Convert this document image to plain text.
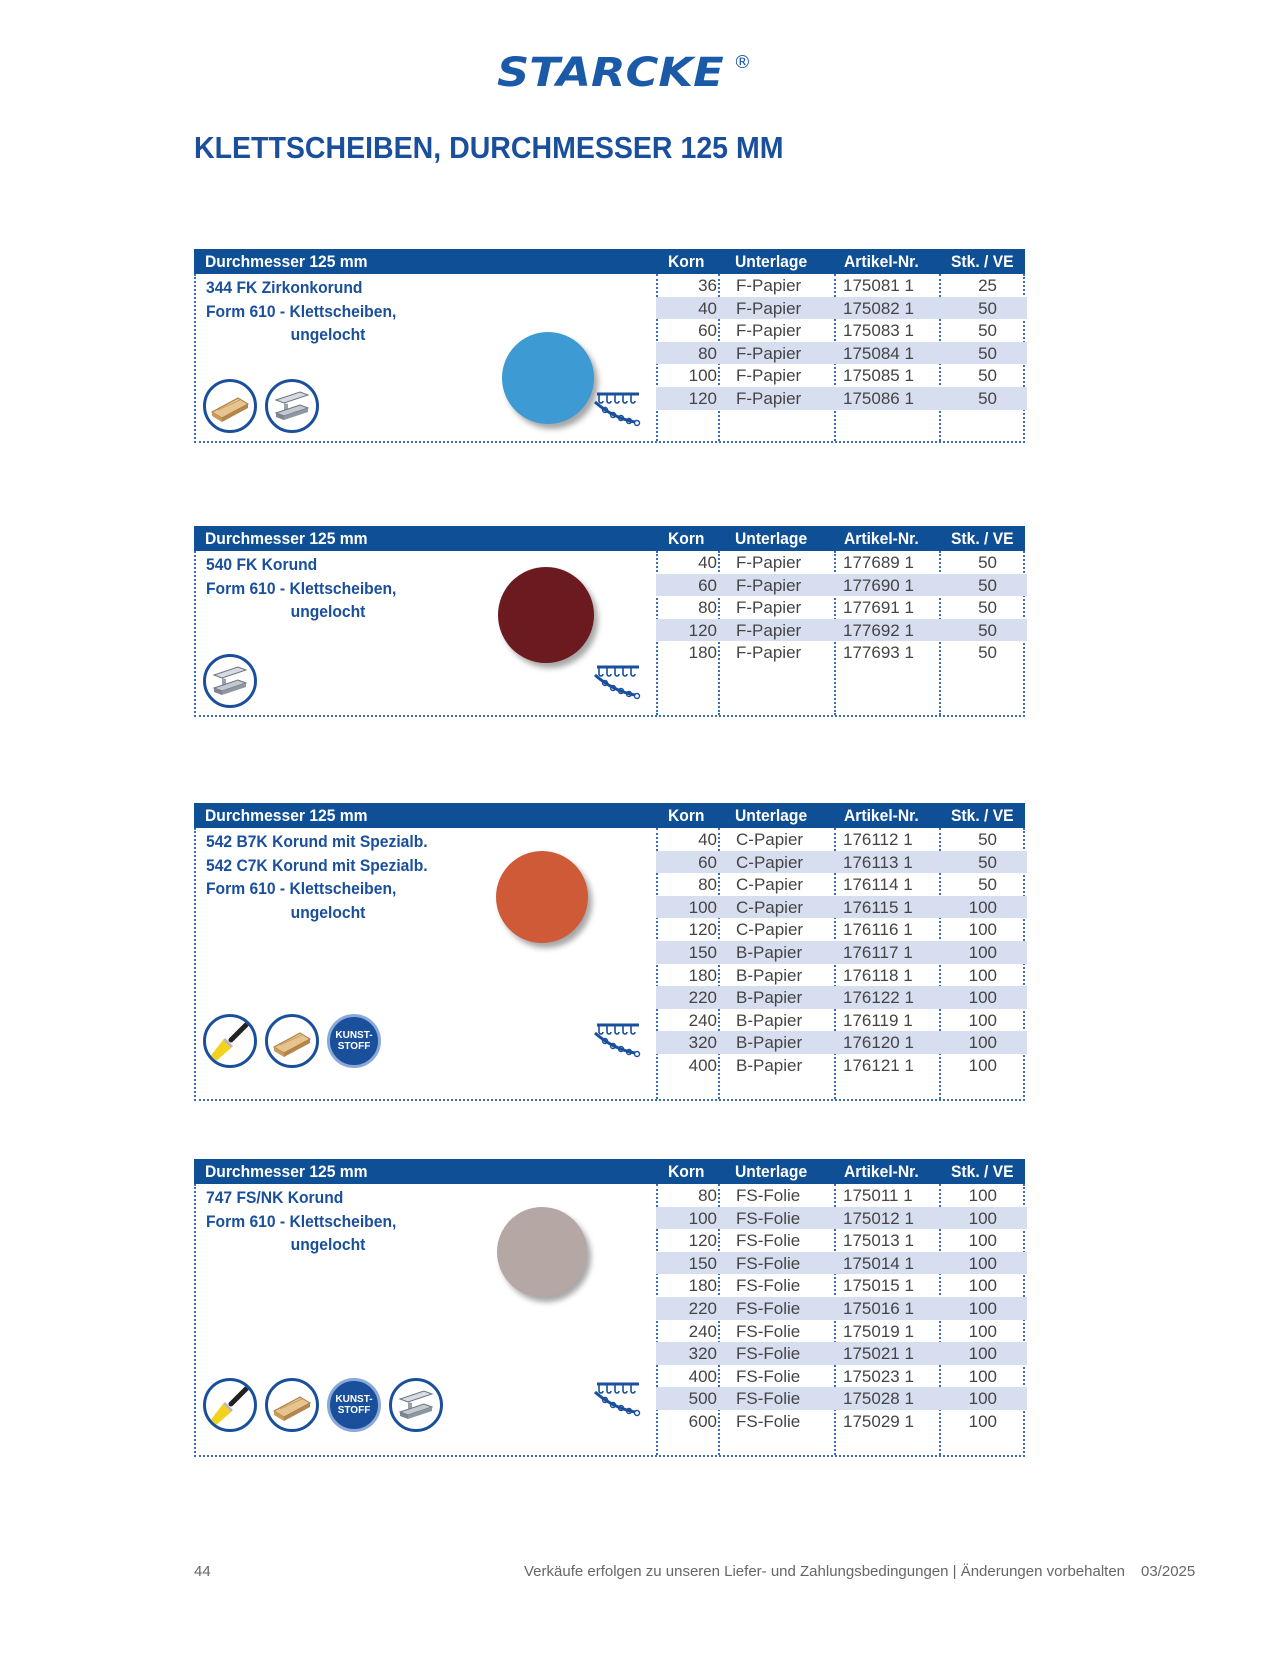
STARCKE ®
KLETTSCHEIBEN, DURCHMESSER 125 MM
Durchmesser 125 mm	Korn Unterlage Artikel-Nr. Stk. / VE
344 FK Zirkonkorund
Form 610 - Klettscheiben,
ungelocht
36 F-Papier 175081 1	25
40 F-Papier 175082 1	50
60 F-Papier 175083 1	50
80 F-Papier 175084 1	50
100 F-Papier 175085 1	50
120 F-Papier 175086 1	50
Durchmesser 125 mm	Korn Unterlage Artikel-Nr. Stk. / VE
540 FK Korund
Form 610 - Klettscheiben,
ungelocht
40 F-Papier 177689 1	50
60 F-Papier 177690 1	50
80 F-Papier 177691 1	50
120 F-Papier 177692 1	50
180 F-Papier 177693 1	50
Durchmesser 125 mm	Korn Unterlage Artikel-Nr. Stk. / VE
542 B7K Korund mit Spezialb.
542 C7K Korund mit Spezialb.
Form 610 - Klettscheiben,
ungelocht
KUNST-STOFF
40 C-Papier 176112 1	50
60 C-Papier 176113 1	50
80 C-Papier 176114 1	50
100 C-Papier 176115 1	100
120 C-Papier 176116 1	100
150 B-Papier 176117 1	100
180 B-Papier 176118 1	100
220 B-Papier 176122 1	100
240 B-Papier 176119 1	100
320 B-Papier 176120 1	100
400 B-Papier 176121 1	100
Durchmesser 125 mm	Korn Unterlage Artikel-Nr. Stk. / VE
747 FS/NK Korund
Form 610 - Klettscheiben,
ungelocht
KUNST-STOFF
80 FS-Folie	175011 1	100
100 FS-Folie	175012 1	100
120 FS-Folie	175013 1	100
150 FS-Folie	175014 1	100
180 FS-Folie	175015 1	100
220 FS-Folie	175016 1	100
240 FS-Folie	175019 1	100
320 FS-Folie	175021 1	100
400 FS-Folie	175023 1	100
500 FS-Folie	175028 1	100
600 FS-Folie	175029 1	100
44	Verkäufe erfolgen zu unseren Liefer- und Zahlungsbedingungen | Änderungen vorbehalten 03/2025
